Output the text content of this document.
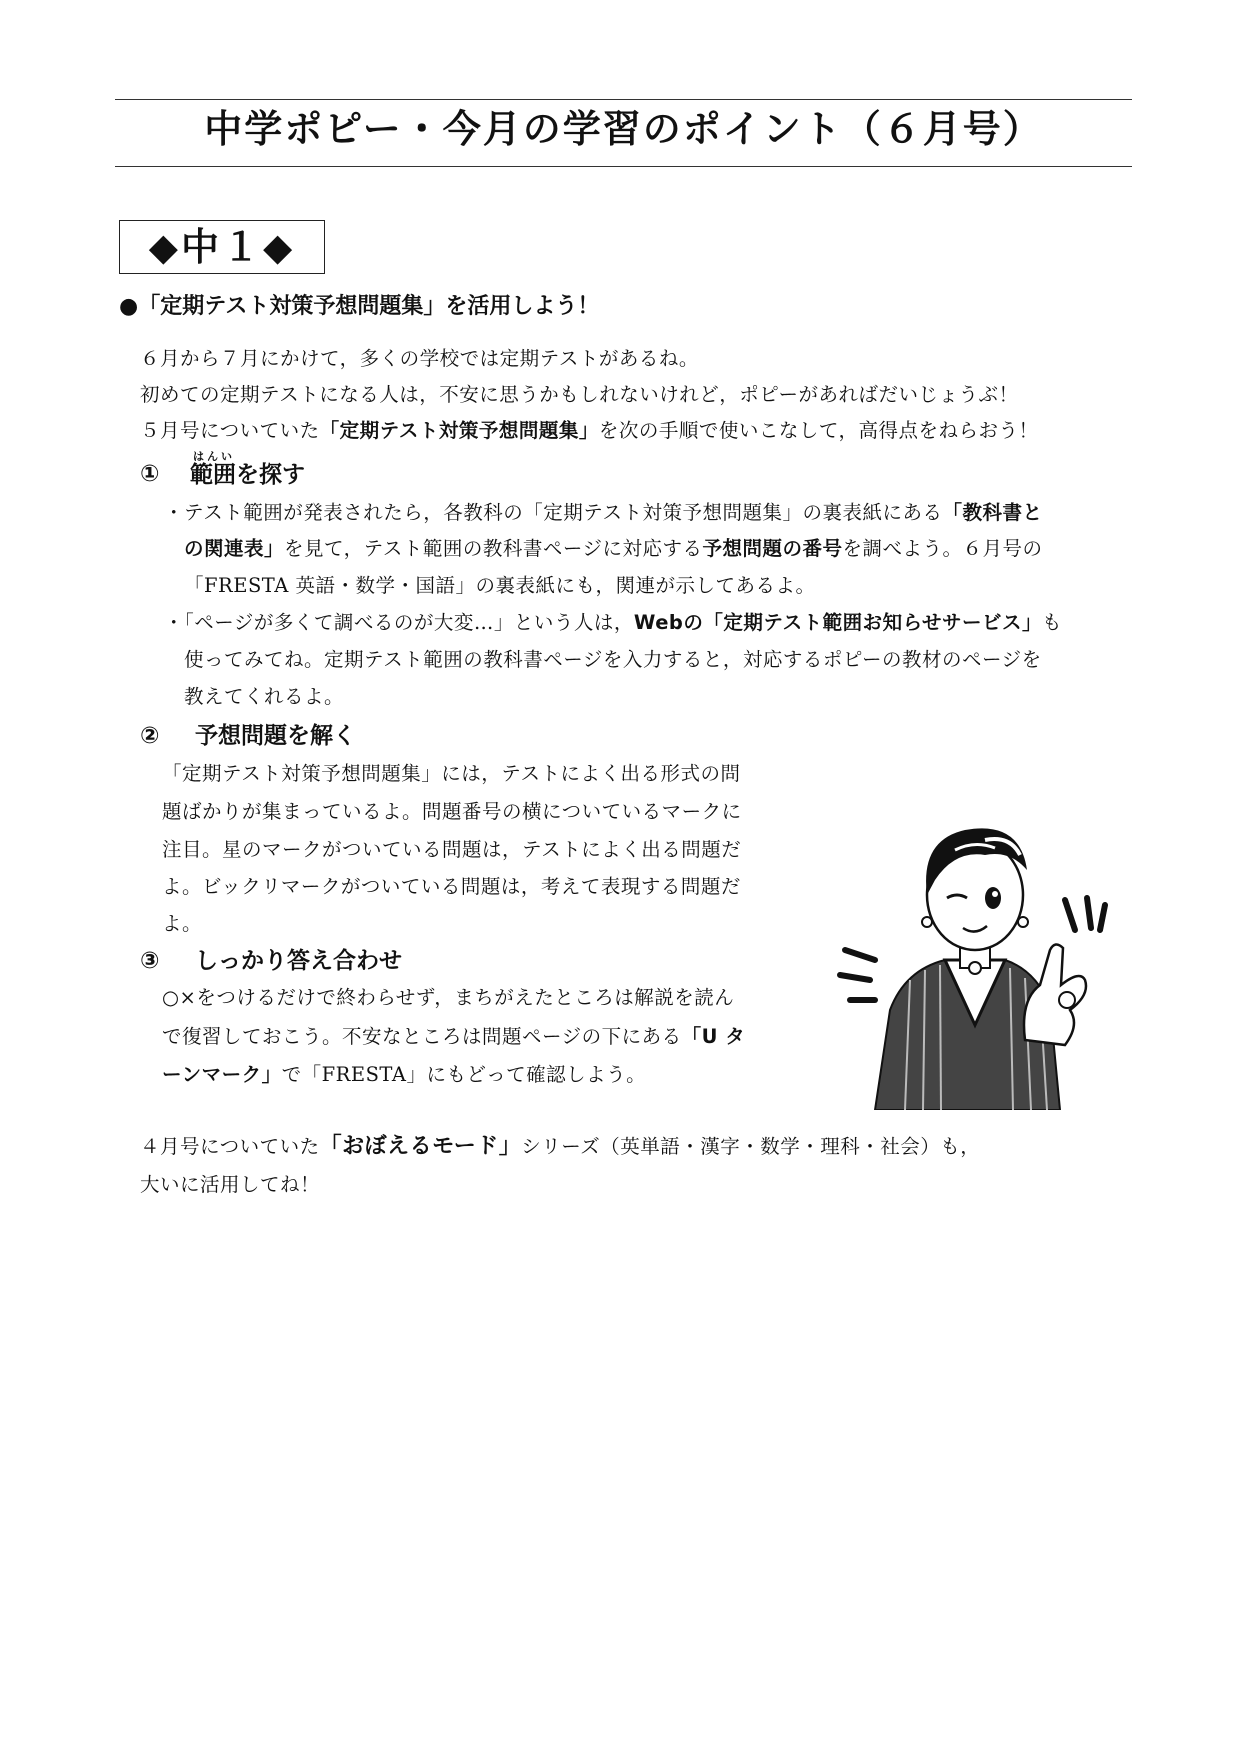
中学ポピー・今月の学習のポイント（６月号）
◆中１◆
●「定期テスト対策予想問題集」を活用しよう！
６月から７月にかけて，多くの学校では定期テストがあるね。
初めての定期テストになる人は，不安に思うかもしれないけれど，ポピーがあればだいじょうぶ！
５月号についていた「定期テスト対策予想問題集」を次の手順で使いこなして，高得点をねらおう！
①
はんい
範囲を探す
・テスト範囲が発表されたら，各教科の「定期テスト対策予想問題集」の裏表紙にある「教科書と
の関連表」を見て，テスト範囲の教科書ページに対応する予想問題の番号を調べよう。６月号の
「FRESTA 英語・数学・国語」の裏表紙にも，関連が示してあるよ。
・「ページが多くて調べるのが大変…」という人は，Webの「定期テスト範囲お知らせサービス」も
使ってみてね。定期テスト範囲の教科書ページを入力すると，対応するポピーの教材のページを
教えてくれるよ。
② 予想問題を解く
「定期テスト対策予想問題集」には，テストによく出る形式の問
題ばかりが集まっているよ。問題番号の横についているマークに
注目。星のマークがついている問題は，テストによく出る問題だ
よ。ビックリマークがついている問題は，考えて表現する問題だ
よ。
③ しっかり答え合わせ
○×をつけるだけで終わらせず，まちがえたところは解説を読ん
で復習しておこう。不安なところは問題ページの下にある「U タ
ーンマーク」で「FRESTA」にもどって確認しよう。
４月号についていた「おぼえるモード」シリーズ（英単語・漢字・数学・理科・社会）も，
大いに活用してね！
